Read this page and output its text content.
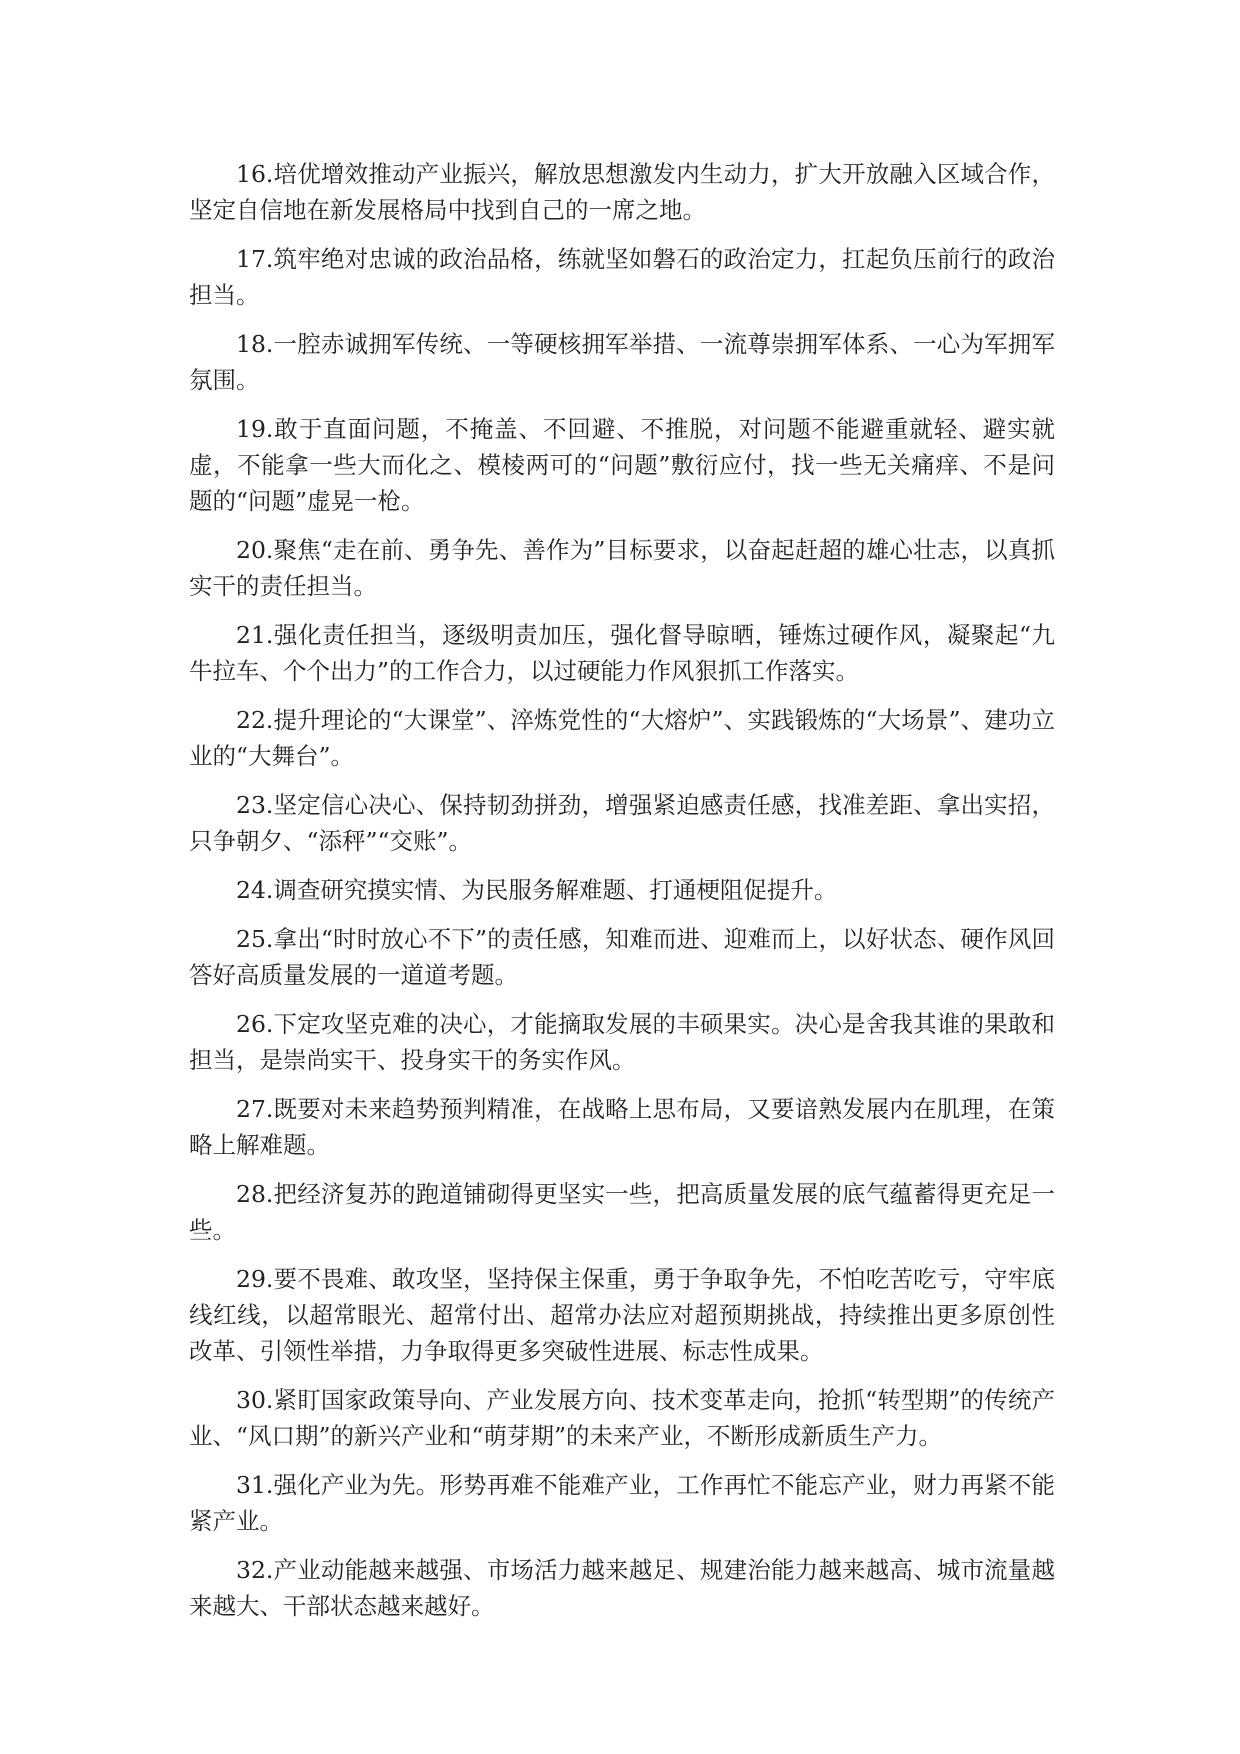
16.培优增效推动产业振兴，解放思想激发内生动力，扩大开放融入区域合作，坚定自信地在新发展格局中找到自己的一席之地。

17.筑牢绝对忠诚的政治品格，练就坚如磐石的政治定力，扛起负压前行的政治担当。

18.一腔赤诚拥军传统、一等硬核拥军举措、一流尊崇拥军体系、一心为军拥军氛围。

19.敢于直面问题，不掩盖、不回避、不推脱，对问题不能避重就轻、避实就虚，不能拿一些大而化之、模棱两可的“问题”敷衍应付，找一些无关痛痒、不是问题的“问题”虚晃一枪。

20.聚焦“走在前、勇争先、善作为”目标要求，以奋起赶超的雄心壮志，以真抓实干的责任担当。

21.强化责任担当，逐级明责加压，强化督导晾晒，锤炼过硬作风，凝聚起“九牛拉车、个个出力”的工作合力，以过硬能力作风狠抓工作落实。

22.提升理论的“大课堂”、淬炼党性的“大熔炉”、实践锻炼的“大场景”、建功立业的“大舞台”。

23.坚定信心决心、保持韧劲拼劲，增强紧迫感责任感，找准差距、拿出实招，只争朝夕、“添秤”“交账”。

24.调查研究摸实情、为民服务解难题、打通梗阻促提升。

25.拿出“时时放心不下”的责任感，知难而进、迎难而上，以好状态、硬作风回答好高质量发展的一道道考题。

26.下定攻坚克难的决心，才能摘取发展的丰硕果实。决心是舍我其谁的果敢和担当，是崇尚实干、投身实干的务实作风。

27.既要对未来趋势预判精准，在战略上思布局，又要谙熟发展内在肌理，在策略上解难题。

28.把经济复苏的跑道铺砌得更坚实一些，把高质量发展的底气蕴蓄得更充足一些。

29.要不畏难、敢攻坚，坚持保主保重，勇于争取争先，不怕吃苦吃亏，守牢底线红线，以超常眼光、超常付出、超常办法应对超预期挑战，持续推出更多原创性改革、引领性举措，力争取得更多突破性进展、标志性成果。

30.紧盯国家政策导向、产业发展方向、技术变革走向，抢抓“转型期”的传统产业、“风口期”的新兴产业和“萌芽期”的未来产业，不断形成新质生产力。

31.强化产业为先。形势再难不能难产业，工作再忙不能忘产业，财力再紧不能紧产业。

32.产业动能越来越强、市场活力越来越足、规建治能力越来越高、城市流量越来越大、干部状态越来越好。
